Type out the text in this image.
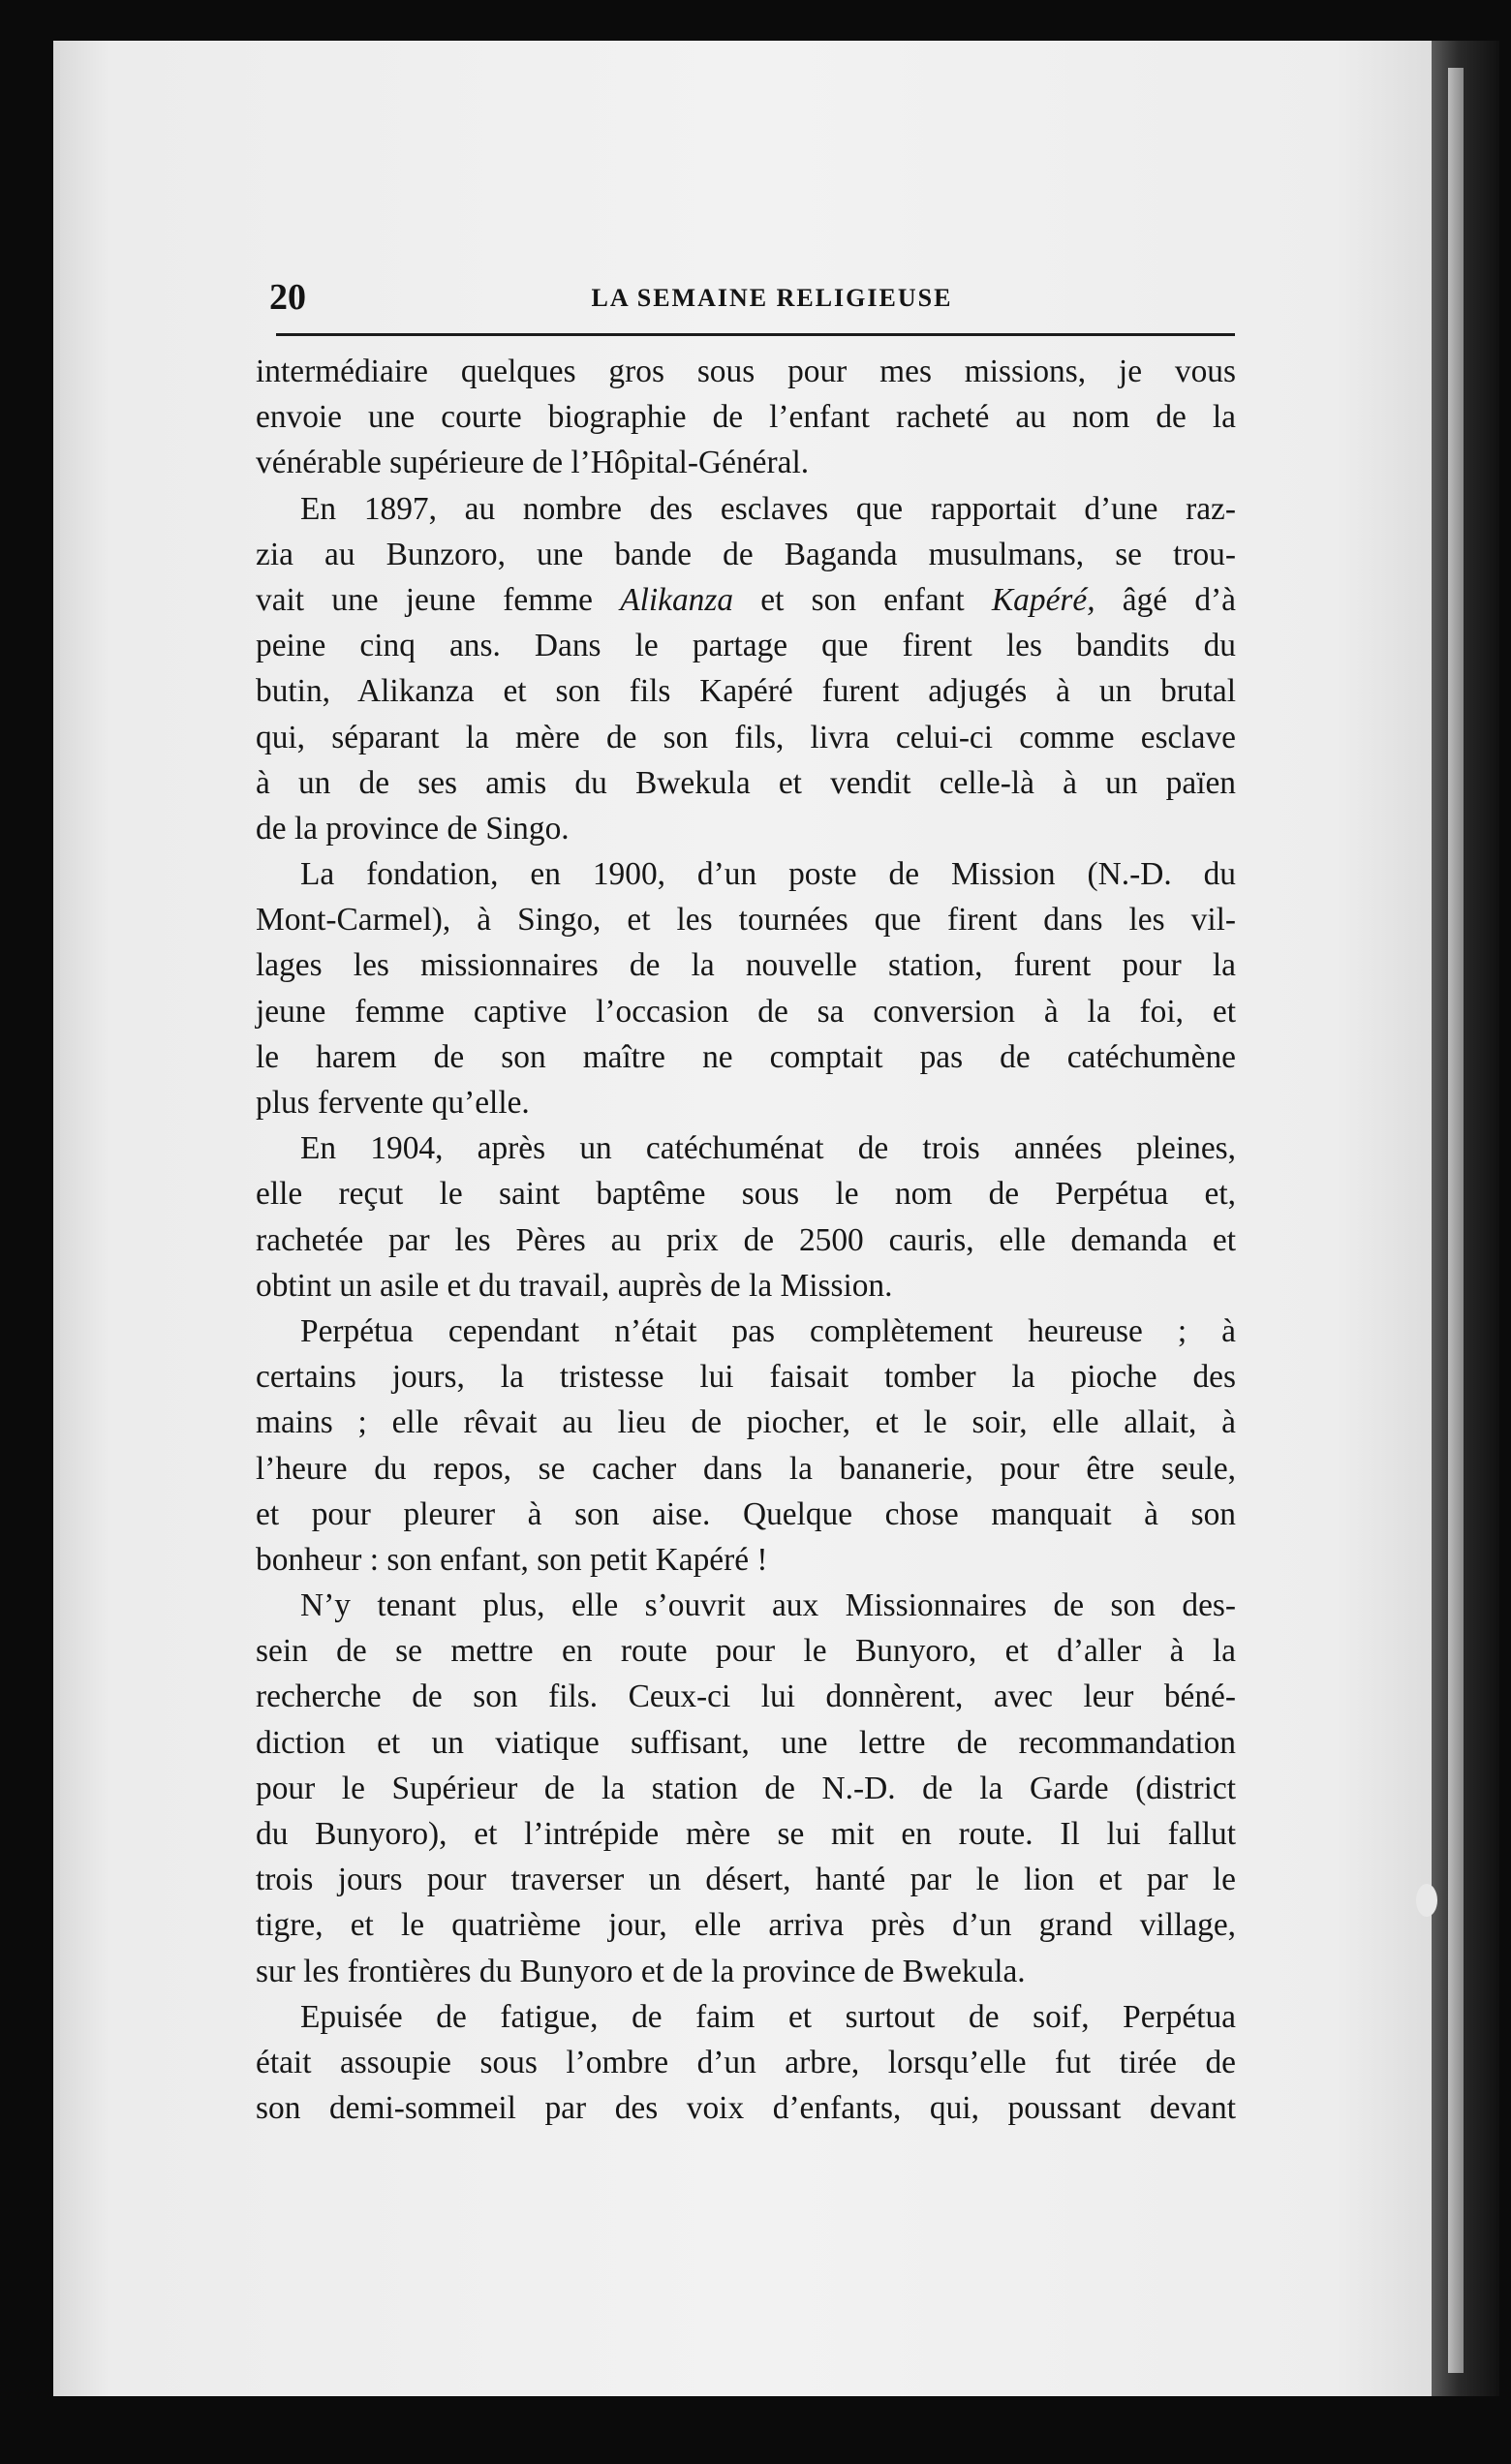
20	LA SEMAINE RELIGIEUSE
intermédiaire quelques gros sous pour mes missions, je vous
envoie une courte biographie de l’enfant racheté au nom de la
vénérable supérieure de l’Hôpital-Général.
En 1897, au nombre des esclaves que rapportait d’une raz-
zia au Bunzoro, une bande de Baganda musulmans, se trou-
vait une jeune femme Alikanza et son enfant Kapéré, âgé d’à
peine cinq ans. Dans le partage que firent les bandits du
butin, Alikanza et son fils Kapéré furent adjugés à un brutal
qui, séparant la mère de son fils, livra celui-ci comme esclave
à un de ses amis du Bwekula et vendit celle-là à un païen
de la province de Singo.
La fondation, en 1900, d’un poste de Mission (N.-D. du
Mont-Carmel), à Singo, et les tournées que firent dans les vil-
lages les missionnaires de la nouvelle station, furent pour la
jeune femme captive l’occasion de sa conversion à la foi, et
le harem de son maître ne comptait pas de catéchumène
plus fervente qu’elle.
En 1904, après un catéchuménat de trois années pleines,
elle reçut le saint baptême sous le nom de Perpétua et,
rachetée par les Pères au prix de 2500 cauris, elle demanda et
obtint un asile et du travail, auprès de la Mission.
Perpétua cependant n’était pas complètement heureuse ; à
certains jours, la tristesse lui faisait tomber la pioche des
mains ; elle rêvait au lieu de piocher, et le soir, elle allait, à
l’heure du repos, se cacher dans la bananerie, pour être seule,
et pour pleurer à son aise. Quelque chose manquait à son
bonheur : son enfant, son petit Kapéré !
N’y tenant plus, elle s’ouvrit aux Missionnaires de son des-
sein de se mettre en route pour le Bunyoro, et d’aller à la
recherche de son fils. Ceux-ci lui donnèrent, avec leur béné-
diction et un viatique suffisant, une lettre de recommandation
pour le Supérieur de la station de N.-D. de la Garde (district
du Bunyoro), et l’intrépide mère se mit en route. Il lui fallut
trois jours pour traverser un désert, hanté par le lion et par le
tigre, et le quatrième jour, elle arriva près d’un grand village,
sur les frontières du Bunyoro et de la province de Bwekula.
Epuisée de fatigue, de faim et surtout de soif, Perpétua
était assoupie sous l’ombre d’un arbre, lorsqu’elle fut tirée de
son demi-sommeil par des voix d’enfants, qui, poussant devant
